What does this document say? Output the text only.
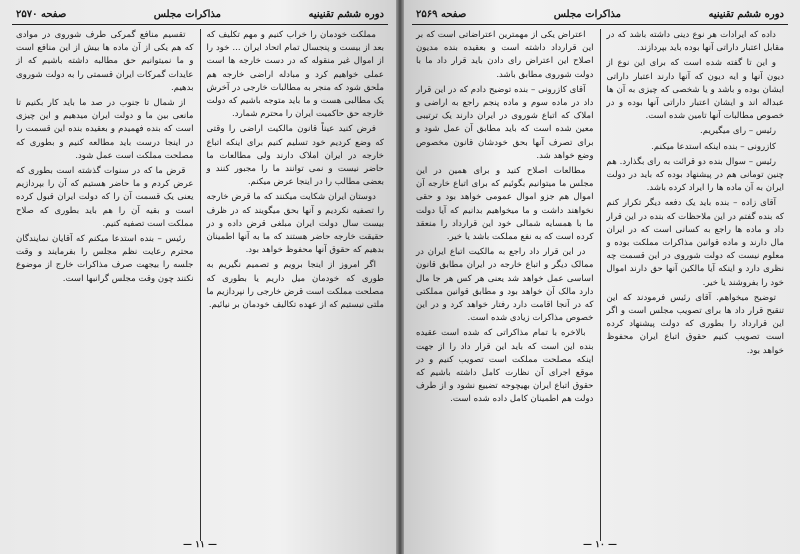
دوره ششم تقنینیه
مذاکرات مجلس
صفحه ۲۵۷۰

مملکت خودمان را خراب کنیم و مهم تکلیف که بعد از بیست و پنجسال تمام اتحاد ایران ... خود را از اموال غیر منقوله که در دست خارجه ها است عملی خواهیم کرد و مبادله اراضی خارجه هم ملحق شود که منجر به مطالبات خارجی در آخرش یک مطالبی هست و ما باید متوجه باشیم که دولت خارجه حق حاکمیت ایران را محترم شمارد.

فرض کنید عیناً قانون مالکیت اراضی را وقتی که وضع کردیم خود تسلیم کنیم برای اینکه اتباع خارجه در ایران املاک دارند ولی مطالعات ما حاضر نیست و نمی توانند ما را مجبور کنند و بعضی مطالب را در اینجا عرض میکنم.

دوستان ایران شکایت میکنند که ما قرض خارجه را تصفیه نکردیم و آنها بحق میگویند که در ظرف بیست سال دولت ایران مبلغی قرض داده و در حقیقت خارجه حاضر هستند که ما به آنها اطمینان بدهیم که حقوق آنها محفوظ خواهد بود.

اگر امروز از اینجا برویم و تصمیم نگیریم به طوری که خودمان میل داریم یا بطوری که مصلحت مملکت است قرض خارجی را نپردازیم ما ملتی نیستیم که از عهده تکالیف خودمان بر نیائیم.

تقسیم منافع گمرکی طرف شوروی در موادی که هم یکی از آن ماده ها بیش از این منافع است و ما نمیتوانیم حق مطالبه داشته باشیم که از عایدات گمرکات ایران قسمتی را به دولت شوروی بدهیم.

از شمال تا جنوب در صد ما باید کار بکنیم تا مانعی بین ما و دولت ایران میدهیم و این چیزی است که بنده فهمیدم و بعقیده بنده این قسمت را در اینجا درست باید مطالعه کنیم و بطوری که مصلحت مملکت است عمل شود.

قرض ما که در سنوات گذشته است بطوری که عرض کردم و ما حاضر هستیم که آن را بپردازیم یعنی یک قسمت آن را که دولت ایران قبول کرده است و بقیه آن را هم باید بطوری که صلاح مملکت است تصفیه کنیم.

رئیس – بنده استدعا میکنم که آقایان نمایندگان محترم رعایت نظم مجلس را بفرمایند و وقت جلسه را بیجهت صرف مذاکرات خارج از موضوع نکنند چون وقت مجلس گرانبها است.

— ۱۱ —
دوره ششم تقنینیه
مذاکرات مجلس
صفحه ۲۵۶۹

داده که ایرادات هر نوع دینی داشته باشد که در مقابل اعتبار داراتی آنها بوده باید بپردازند.

و این تا گفته شده است که برای این نوع از دیون آنها و ایه دیون که آنها دارند اعتبار داراتی ایشان بوده و باشد و یا شخصی که چیزی به آن ها عبداله اند و ایشان اعتبار داراتی آنها بوده و در خصوص مطالبات آنها تامین شده است.

رئیس – رای میگیریم.

کازرونی – بنده اینکه استدعا میکنم.

رئیس – سوال بنده دو قرائت به رای بگذارد. هم چنین تومانی هم در پیشنهاد بوده که باید در دولت ایران به آن ماده ها را ایراد کرده باشد.

آقای زاده – بنده باید یک دفعه دیگر تکرار کنم که بنده گفتم در این ملاحظات که بنده در این قرار داد و ماده ها راجع به کسانی است که در ایران مال دارند و ماده قوانین مذاکرات مملکت بوده و معلوم نیست که دولت شوروی در این قسمت چه نظری دارد و اینکه آیا مالکین آنها حق دارند اموال خود را بفروشند یا خیر.

توضیح میخواهم. آقای رئیس فرمودند که این تنقیح قرار داد ها برای تصویب مجلس است و اگر این قرارداد را بطوری که دولت پیشنهاد کرده است تصویب کنیم حقوق اتباع ایران محفوظ خواهد بود.

اعتراض یکی از مهمترین اعتراضاتی است که بر این قرارداد داشته است و بعقیده بنده مدیون اصلاح این اعتراض رای دادن باید قرار داد ما با دولت شوروی مطابق باشد.

آقای کازرونی – بنده توضیح دادم که در این قرار داد در ماده سوم و ماده پنجم راجع به اراضی و املاک که اتباع شوروی در ایران دارند یک ترتیبی معین شده است که باید مطابق آن عمل شود و برای تصرف آنها بحق خودشان قانون مخصوص وضع خواهد شد.

مطالعات اصلاح کنید و برای همین در این مجلس ما میتوانیم بگوئیم که برای اتباع خارجه آن اموال هم جزو اموال عمومی خواهد بود و حقی نخواهند داشت و ما میخواهیم بدانیم که آیا دولت ما با همسایه شمالی خود این قرارداد را منعقد کرده است که به نفع مملکت باشد یا خیر.

در این قرار داد راجع به مالکیت اتباع ایران در ممالک دیگر و اتباع خارجه در ایران مطابق قانون اساسی عمل خواهد شد یعنی هر کس هر جا مال دارد مالک آن خواهد بود و مطابق قوانین مملکتی که در آنجا اقامت دارد رفتار خواهد کرد و در این خصوص مذاکرات زیادی شده است.

بالاخره با تمام مذاکراتی که شده است عقیده بنده این است که باید این قرار داد را از جهت اینکه مصلحت مملکت است تصویب کنیم و در موقع اجرای آن نظارت کامل داشته باشیم که حقوق اتباع ایران بهیچوجه تضییع نشود و از طرف دولت هم اطمینان کامل داده شده است.

— ۱۰ —
